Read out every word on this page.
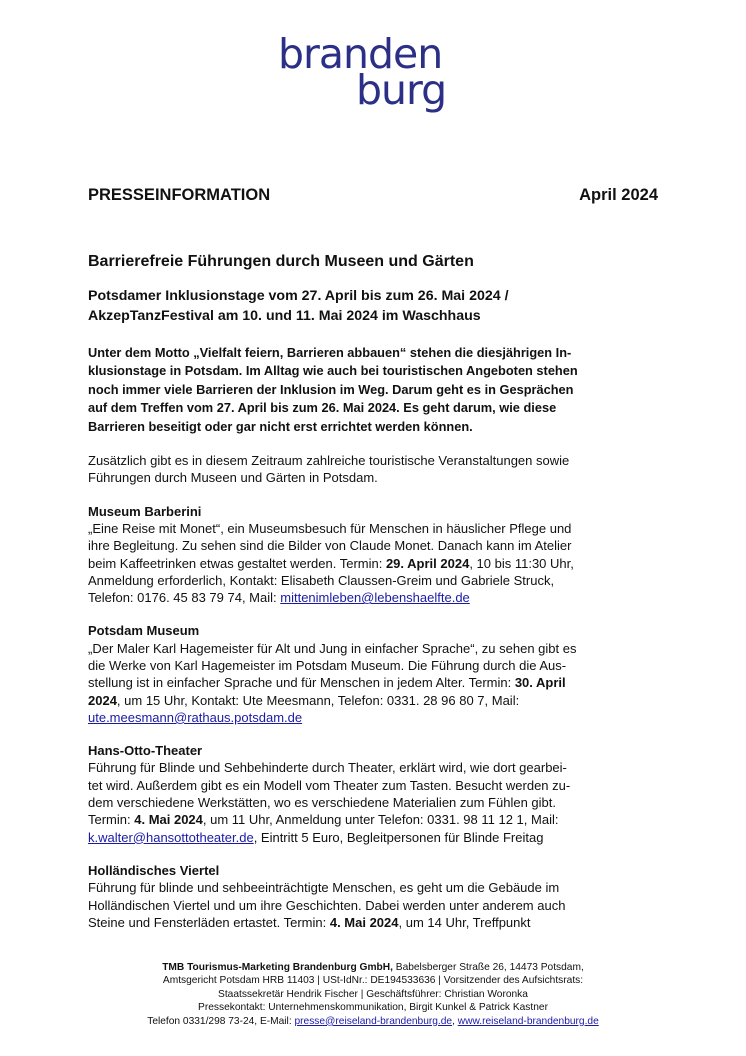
branden
burg
PRESSEINFORMATION	April 2024
Barrierefreie Führungen durch Museen und Gärten
Potsdamer Inklusionstage vom 27. April bis zum 26. Mai 2024 /
AkzepTanzFestival am 10. und 11. Mai 2024 im Waschhaus
Unter dem Motto „Vielfalt feiern, Barrieren abbauen“ stehen die diesjährigen In-
klusionstage in Potsdam. Im Alltag wie auch bei touristischen Angeboten stehen
noch immer viele Barrieren der Inklusion im Weg. Darum geht es in Gesprächen
auf dem Treffen vom 27. April bis zum 26. Mai 2024. Es geht darum, wie diese
Barrieren beseitigt oder gar nicht erst errichtet werden können.

Zusätzlich gibt es in diesem Zeitraum zahlreiche touristische Veranstaltungen sowie
Führungen durch Museen und Gärten in Potsdam.

Museum Barberini
„Eine Reise mit Monet“, ein Museumsbesuch für Menschen in häuslicher Pflege und
ihre Begleitung. Zu sehen sind die Bilder von Claude Monet. Danach kann im Atelier
beim Kaffeetrinken etwas gestaltet werden. Termin: 29. April 2024, 10 bis 11:30 Uhr,
Anmeldung erforderlich, Kontakt: Elisabeth Claussen-Greim und Gabriele Struck,
Telefon: 0176. 45 83 79 74, Mail: mittenimleben@lebenshaelfte.de
Potsdam Museum
„Der Maler Karl Hagemeister für Alt und Jung in einfacher Sprache“, zu sehen gibt es
die Werke von Karl Hagemeister im Potsdam Museum. Die Führung durch die Aus-
stellung ist in einfacher Sprache und für Menschen in jedem Alter. Termin: 30. April
2024, um 15 Uhr, Kontakt: Ute Meesmann, Telefon: 0331. 28 96 80 7, Mail:
ute.meesmann@rathaus.potsdam.de
Hans-Otto-Theater
Führung für Blinde und Sehbehinderte durch Theater, erklärt wird, wie dort gearbei-
tet wird. Außerdem gibt es ein Modell vom Theater zum Tasten. Besucht werden zu-
dem verschiedene Werkstätten, wo es verschiedene Materialien zum Fühlen gibt.
Termin: 4. Mai 2024, um 11 Uhr, Anmeldung unter Telefon: 0331. 98 11 12 1, Mail:
k.walter@hansottotheater.de, Eintritt 5 Euro, Begleitpersonen für Blinde Freitag
Holländisches Viertel
Führung für blinde und sehbeeinträchtigte Menschen, es geht um die Gebäude im
Holländischen Viertel und um ihre Geschichten. Dabei werden unter anderem auch
Steine und Fensterläden ertastet. Termin: 4. Mai 2024, um 14 Uhr, Treffpunkt
TMB Tourismus-Marketing Brandenburg GmbH, Babelsberger Straße 26, 14473 Potsdam,
Amtsgericht Potsdam HRB 11403 | USt-IdNr.: DE194533636 | Vorsitzender des Aufsichtsrats:
Staatssekretär Hendrik Fischer | Geschäftsführer: Christian Woronka
Pressekontakt: Unternehmenskommunikation, Birgit Kunkel & Patrick Kastner
Telefon 0331/298 73-24, E-Mail: presse@reiseland-brandenburg.de, www.reiseland-brandenburg.de
